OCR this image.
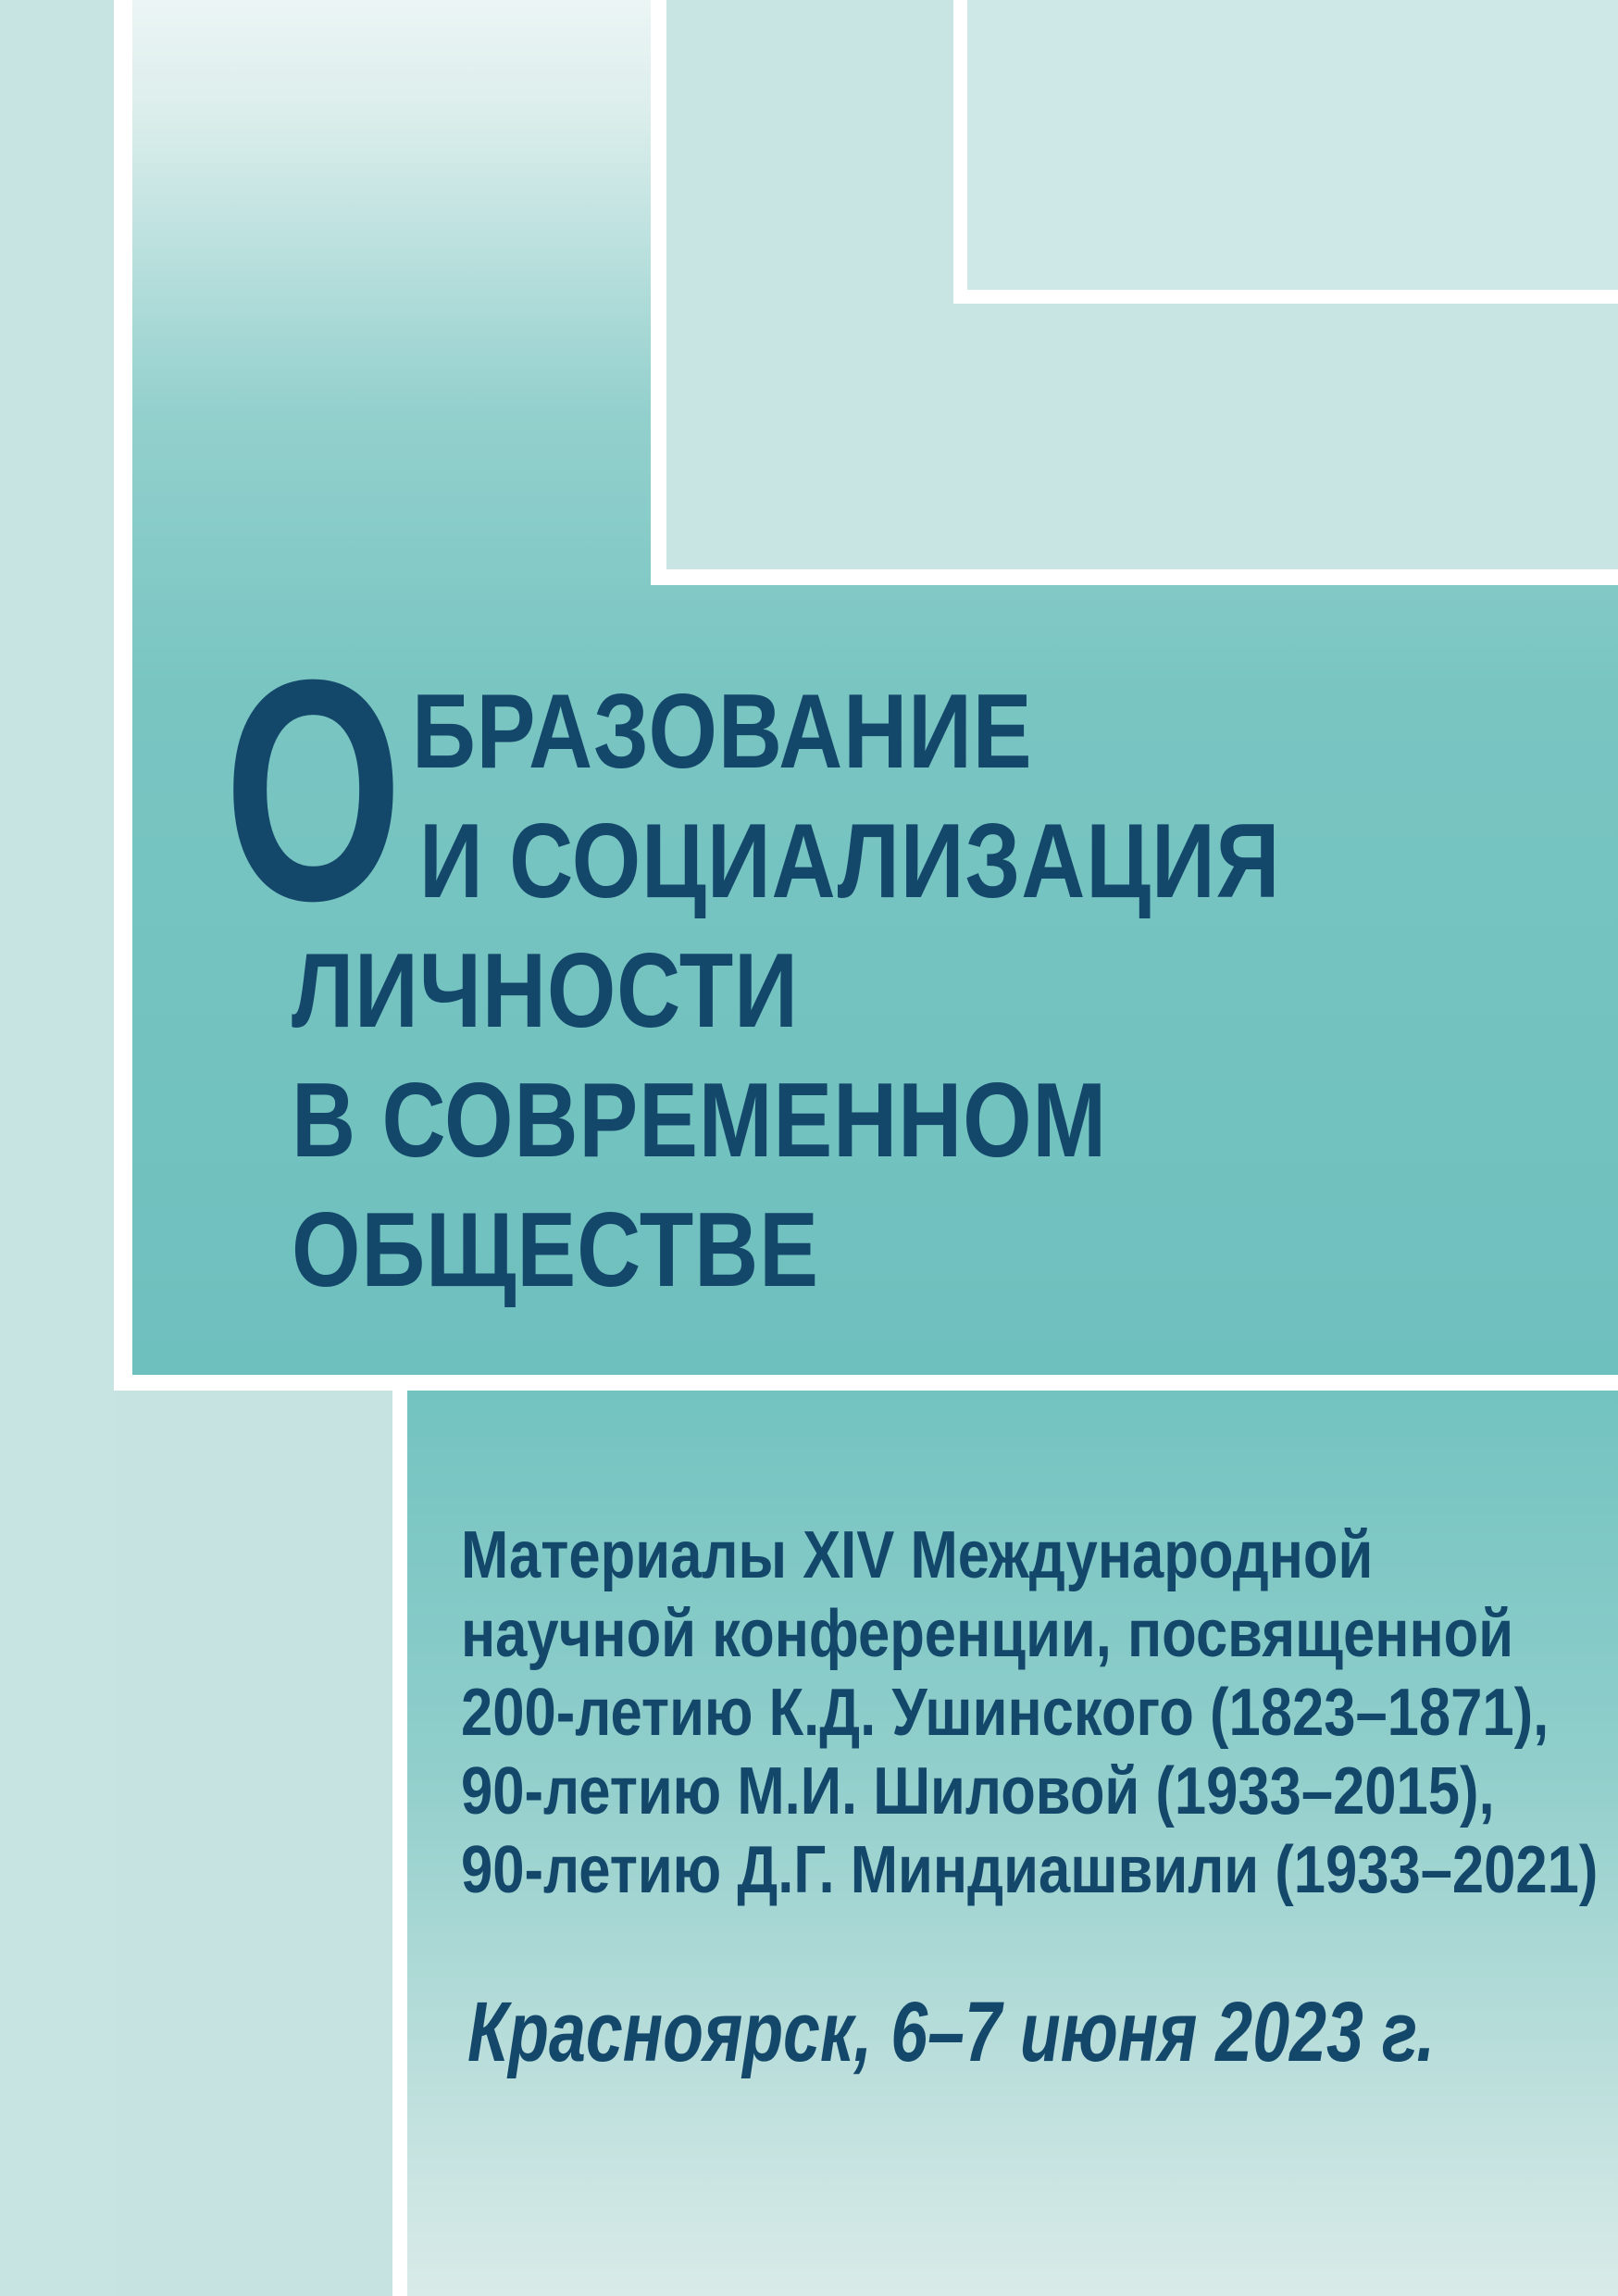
О БРАЗОВАНИЕ
И СОЦИАЛИЗАЦИЯ
ЛИЧНОСТИ
В СОВРЕМЕННОМ
ОБЩЕСТВЕ
Материалы XIV Международной
научной конференции, посвященной
200-летию К.Д. Ушинского (1823–1871),
90-летию М.И. Шиловой (1933–2015),
90-летию Д.Г. Миндиашвили (1933–2021)
Красноярск, 6–7 июня 2023 г.
